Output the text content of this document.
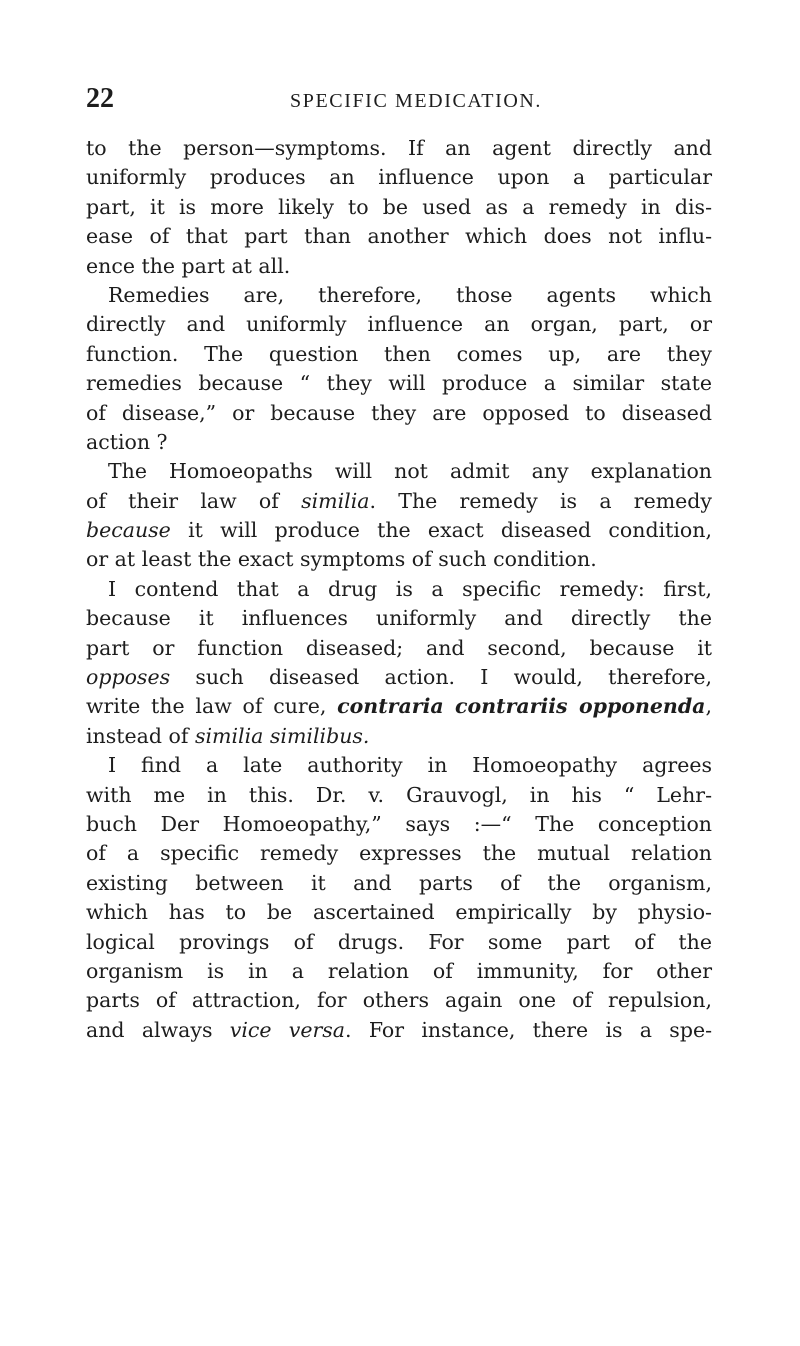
22	SPECIFIC MEDICATION.
to the person—symptoms. If an agent directly and
uniformly produces an influence upon a particular
part, it is more likely to be used as a remedy in dis-
ease of that part than another which does not influ-
ence the part at all.
Remedies are, therefore, those agents which
directly and uniformly influence an organ, part, or
function. The question then comes up, are they
remedies because “ they will produce a similar state
of disease,” or because they are opposed to diseased
action ?
The Homoeopaths will not admit any explanation
of their law of similia. The remedy is a remedy
because it will produce the exact diseased condition,
or at least the exact symptoms of such condition.
I contend that a drug is a specific remedy: first,
because it influences uniformly and directly the
part or function diseased; and second, because it
opposes such diseased action. I would, therefore,
write the law of cure, contraria contrariis opponenda,
instead of similia similibus.
I find a late authority in Homoeopathy agrees
with me in this. Dr. v. Grauvogl, in his “ Lehr-
buch Der Homoeopathy,” says :—“ The conception
of a specific remedy expresses the mutual relation
existing between it and parts of the organism,
which has to be ascertained empirically by physio-
logical provings of drugs. For some part of the
organism is in a relation of immunity, for other
parts of attraction, for others again one of repulsion,
and always vice versa. For instance, there is a spe-
